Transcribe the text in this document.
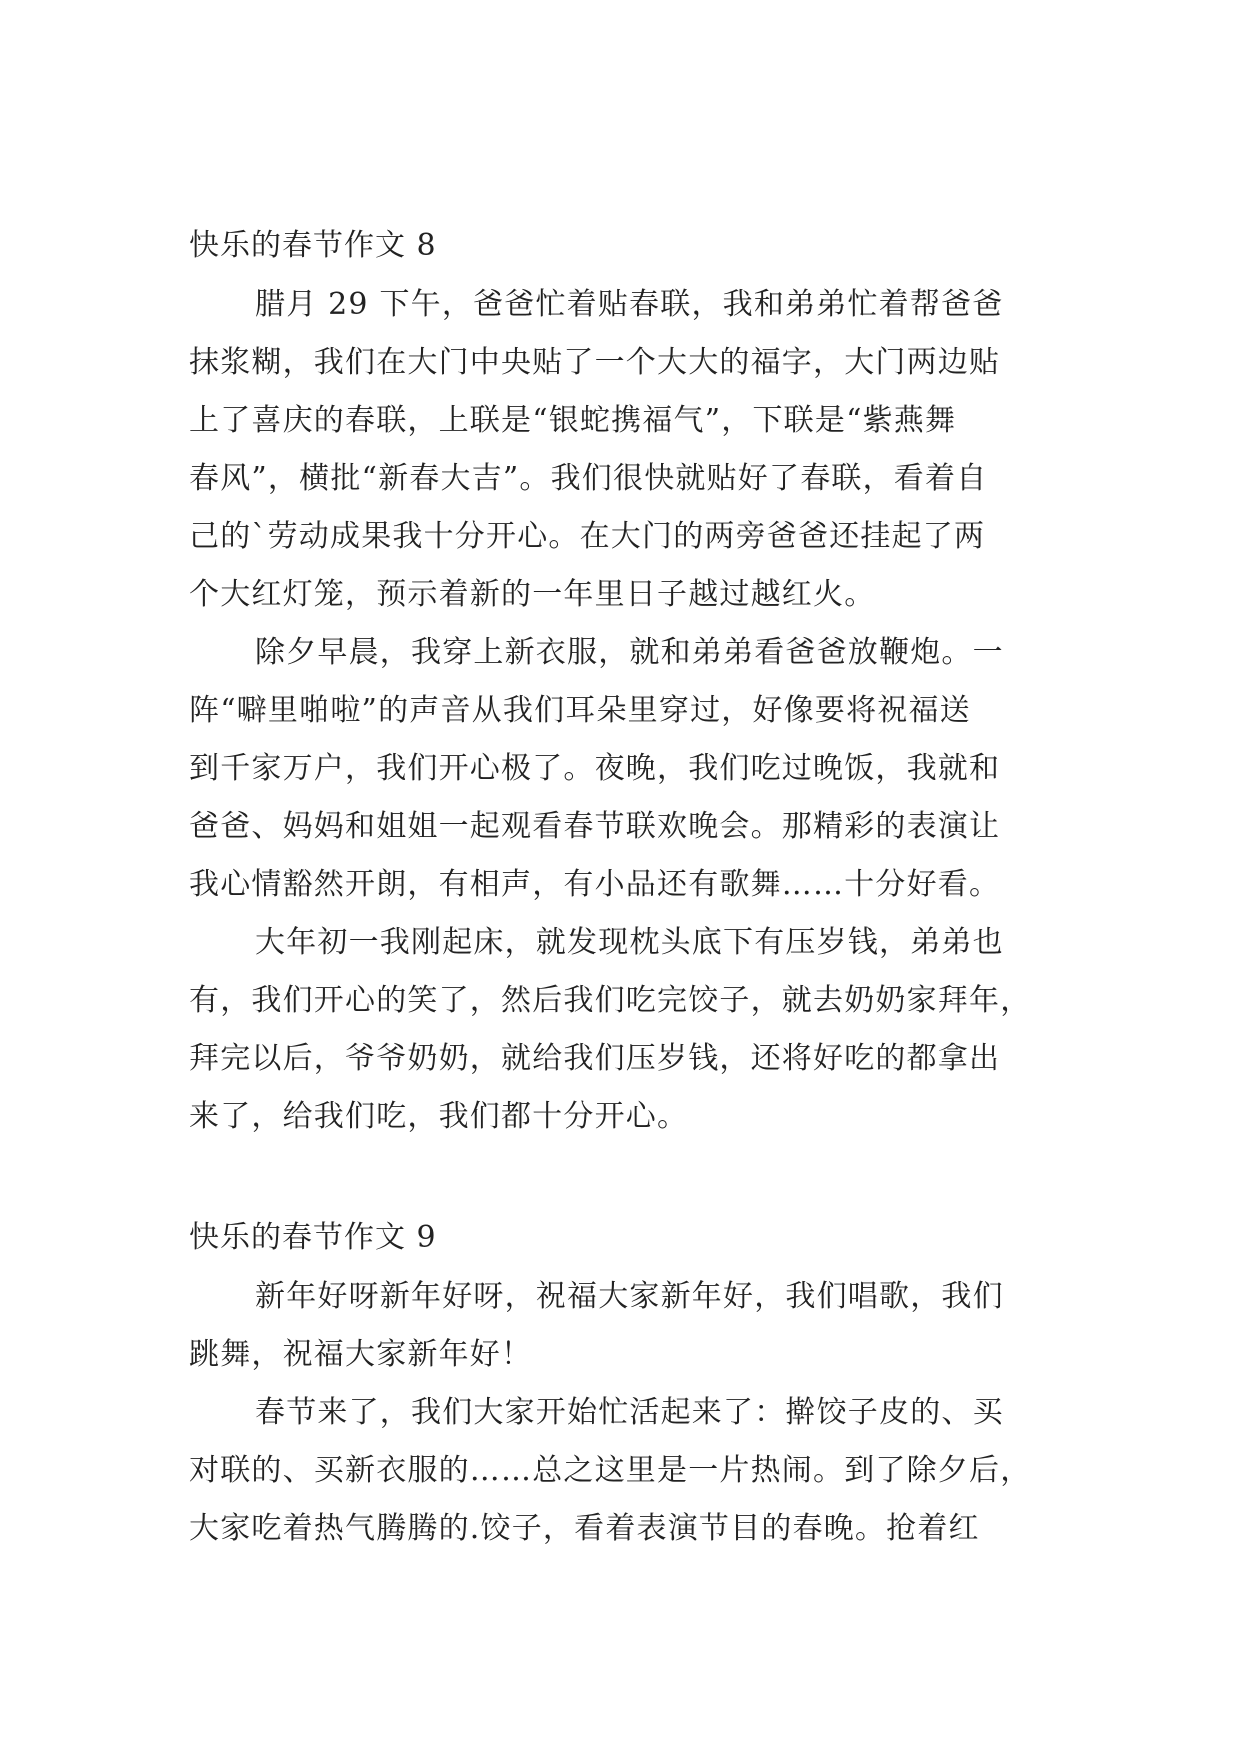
快乐的春节作文 8

腊月 29 下午，爸爸忙着贴春联，我和弟弟忙着帮爸爸

抹浆糊，我们在大门中央贴了一个大大的福字，大门两边贴

上了喜庆的春联，上联是“银蛇携福气”，下联是“紫燕舞

春风”，横批“新春大吉”。我们很快就贴好了春联，看着自

己的`劳动成果我十分开心。在大门的两旁爸爸还挂起了两

个大红灯笼，预示着新的一年里日子越过越红火。

除夕早晨，我穿上新衣服，就和弟弟看爸爸放鞭炮。一

阵“噼里啪啦”的声音从我们耳朵里穿过，好像要将祝福送

到千家万户，我们开心极了。夜晚，我们吃过晚饭，我就和

爸爸、妈妈和姐姐一起观看春节联欢晚会。那精彩的表演让

我心情豁然开朗，有相声，有小品还有歌舞……十分好看。

大年初一我刚起床，就发现枕头底下有压岁钱，弟弟也

有，我们开心的笑了，然后我们吃完饺子，就去奶奶家拜年，

拜完以后，爷爷奶奶，就给我们压岁钱，还将好吃的都拿出

来了，给我们吃，我们都十分开心。

快乐的春节作文 9

新年好呀新年好呀，祝福大家新年好，我们唱歌，我们

跳舞，祝福大家新年好！

春节来了，我们大家开始忙活起来了：擀饺子皮的、买

对联的、买新衣服的……总之这里是一片热闹。到了除夕后，

大家吃着热气腾腾的.饺子，看着表演节目的春晚。抢着红
